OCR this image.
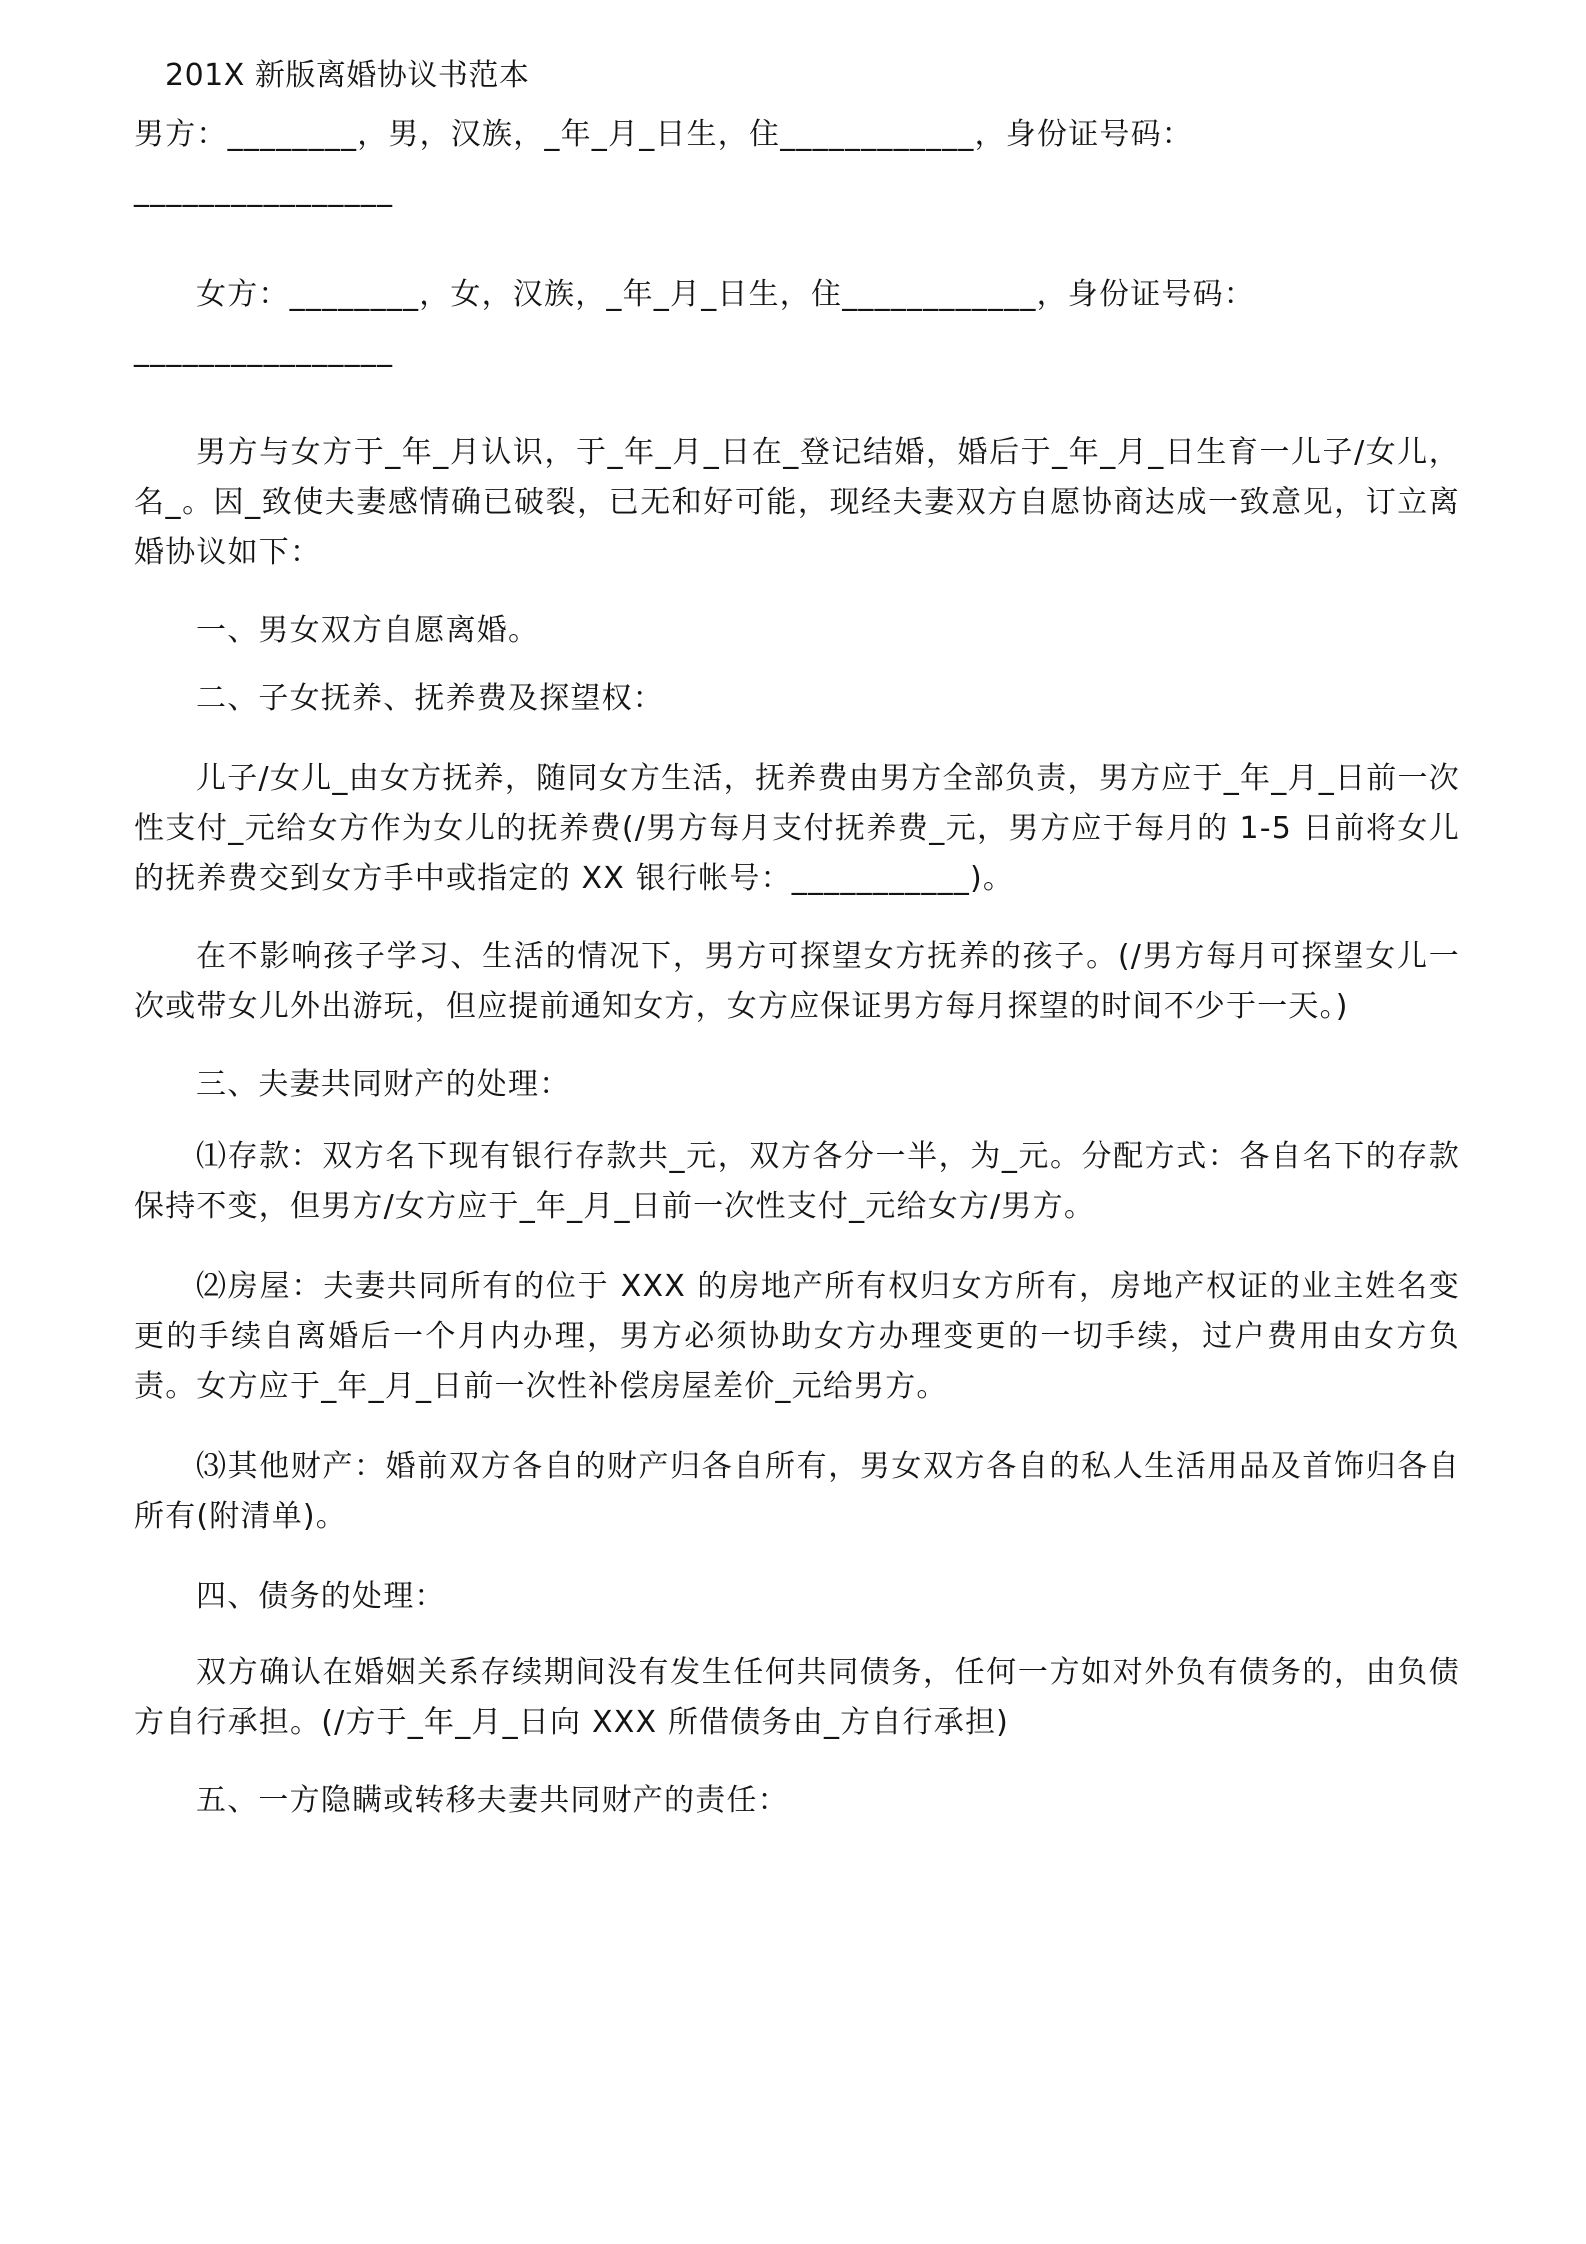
201X 新版离婚协议书范本

男方：________，男，汉族，_年_月_日生，住____________，身份证号码：

________________

女方：________，女，汉族，_年_月_日生，住____________，身份证号码：

________________

男方与女方于_年_月认识，于_年_月_日在_登记结婚，婚后于_年_月_日生育一儿子/女儿，名_。因_致使夫妻感情确已破裂，已无和好可能，现经夫妻双方自愿协商达成一致意见，订立离婚协议如下：

一、男女双方自愿离婚。

二、子女抚养、抚养费及探望权：

儿子/女儿_由女方抚养，随同女方生活，抚养费由男方全部负责，男方应于_年_月_日前一次性支付_元给女方作为女儿的抚养费(/男方每月支付抚养费_元，男方应于每月的 1-5 日前将女儿的抚养费交到女方手中或指定的 XX 银行帐号：___________)。

在不影响孩子学习、生活的情况下，男方可探望女方抚养的孩子。(/男方每月可探望女儿一次或带女儿外出游玩，但应提前通知女方，女方应保证男方每月探望的时间不少于一天。)

三、夫妻共同财产的处理：

⑴存款：双方名下现有银行存款共_元，双方各分一半，为_元。分配方式：各自名下的存款保持不变，但男方/女方应于_年_月_日前一次性支付_元给女方/男方。

⑵房屋：夫妻共同所有的位于 XXX 的房地产所有权归女方所有，房地产权证的业主姓名变更的手续自离婚后一个月内办理，男方必须协助女方办理变更的一切手续，过户费用由女方负责。女方应于_年_月_日前一次性补偿房屋差价_元给男方。

⑶其他财产：婚前双方各自的财产归各自所有，男女双方各自的私人生活用品及首饰归各自所有(附清单)。

四、债务的处理：

双方确认在婚姻关系存续期间没有发生任何共同债务，任何一方如对外负有债务的，由负债方自行承担。(/方于_年_月_日向 XXX 所借债务由_方自行承担)

五、一方隐瞒或转移夫妻共同财产的责任：
